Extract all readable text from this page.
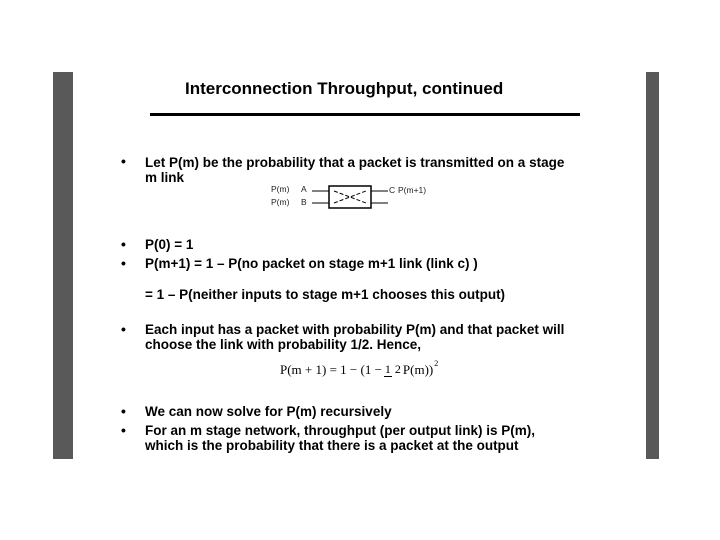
Interconnection Throughput, continued
• Let P(m) be the probability that a packet is transmitted on a stage
m link
P(m) A
P(m) B
C P(m+1)
• P(0) = 1
• P(m+1) = 1 – P(no packet on stage m+1 link (link c) )
= 1 – P(neither inputs to stage m+1 chooses this output)
• Each input has a packet with probability P(m) and that packet will
choose the link with probability 1/2. Hence,
P(m + 1) = 1 − (1 − 1 2 P(m)) 2
• We can now solve for P(m) recursively
• For an m stage network, throughput (per output link) is P(m),
which is the probability that there is a packet at the output
